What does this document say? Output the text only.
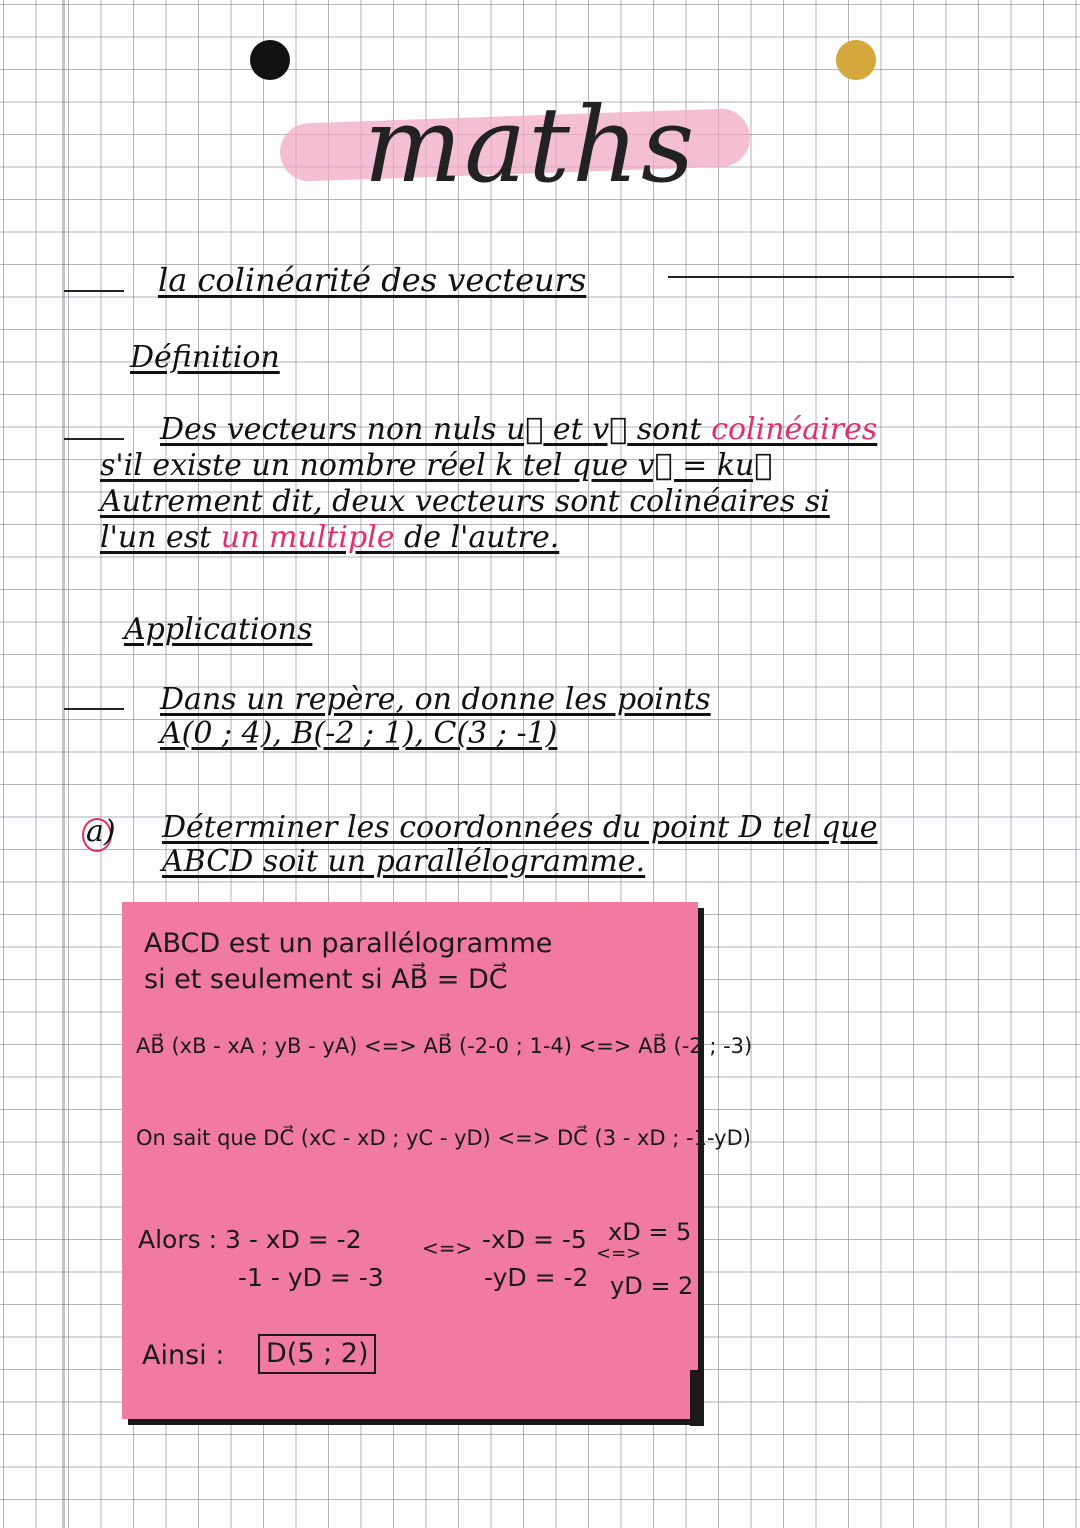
maths
la colinéarité des vecteurs
Définition
Des vecteurs non nuls u⃗ et v⃗ sont colinéaires
s'il existe un nombre réel k tel que v⃗ = ku⃗
Autrement dit, deux vecteurs sont colinéaires si
l'un est un multiple de l'autre.
Applications
Dans un repère, on donne les points
A(0 ; 4), B(-2 ; 1), C(3 ; -1)
a) Déterminer les coordonnées du point D tel que
ABCD soit un parallélogramme.
ABCD est un parallélogramme
si et seulement si AB⃗ = DC⃗
AB⃗ (xB - xA ; yB - yA) <=> AB⃗ (-2-0 ; 1-4) <=> AB⃗ (-2 ; -3)
On sait que DC⃗ (xC - xD ; yC - yD) <=> DC⃗ (3 - xD ; -1-yD)
Alors : 3 - xD = -2	<=> -xD = -5 <=>
xD = 5
-1 - yD = -3	-yD = -2 yD = 2
Ainsi : D(5 ; 2)
